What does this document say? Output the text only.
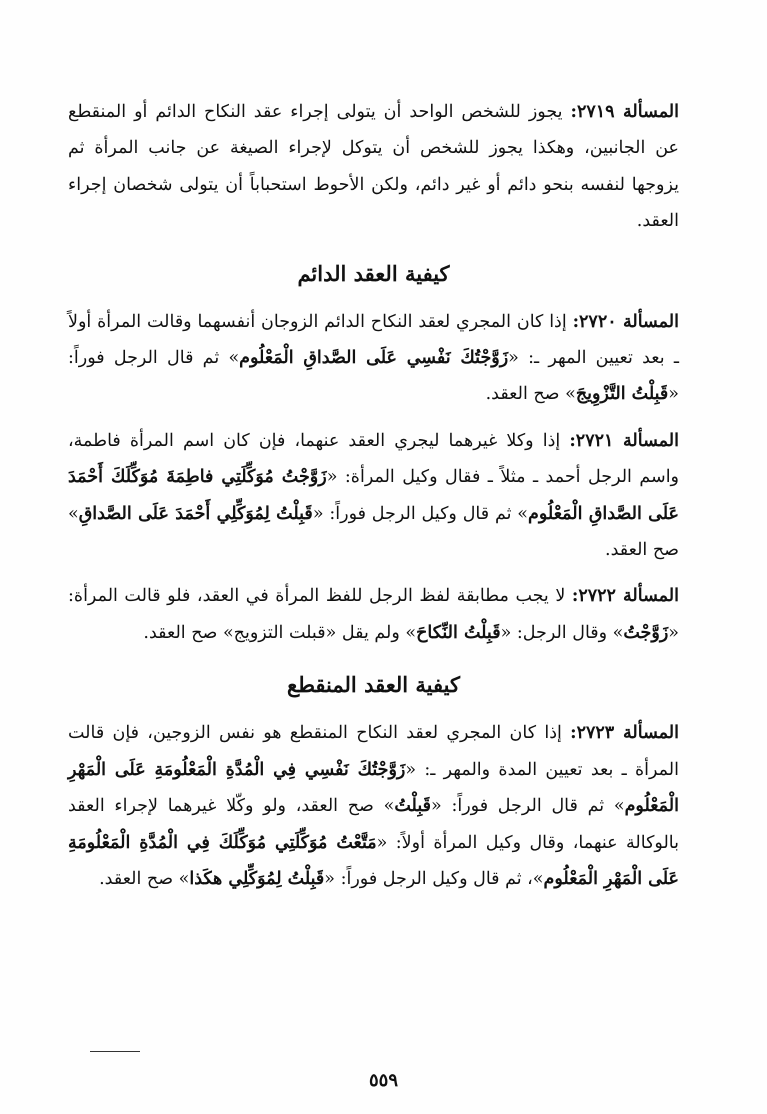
المسألة ٢٧١٩: يجوز للشخص الواحد أن يتولى إجراء عقد النكاح الدائم أو المنقطع عن الجانبين، وهكذا يجوز للشخص أن يتوكل لإجراء الصيغة عن جانب المرأة ثم يزوجها لنفسه بنحو دائم أو غير دائم، ولكن الأحوط استحباباً أن يتولى شخصان إجراء العقد.

كيفية العقد الدائم

المسألة ٢٧٢٠: إذا كان المجري لعقد النكاح الدائم الزوجان أنفسهما وقالت المرأة أولاً ـ بعد تعيين المهر ـ: «زَوَّجْتُكَ نَفْسِي عَلَى الصَّداقِ الْمَعْلُوم» ثم قال الرجل فوراً: «قَبِلْتُ التَّزْوِيجَ» صح العقد.

المسألة ٢٧٢١: إذا وكلا غيرهما ليجري العقد عنهما، فإن كان اسم المرأة فاطمة، واسم الرجل أحمد ـ مثلاً ـ فقال وكيل المرأة: «زَوَّجْتُ مُوَكِّلَتِي فاطِمَةَ مُوَكِّلَكَ أَحْمَدَ عَلَى الصَّداقِ الْمَعْلُوم» ثم قال وكيل الرجل فوراً: «قَبِلْتُ لِمُوَكِّلِي أَحْمَدَ عَلَى الصَّداقِ» صح العقد.

المسألة ٢٧٢٢: لا يجب مطابقة لفظ الرجل للفظ المرأة في العقد، فلو قالت المرأة: «زَوَّجْتُ» وقال الرجل: «قَبِلْتُ النِّكاحَ» ولم يقل «قبلت التزويج» صح العقد.

كيفية العقد المنقطع

المسألة ٢٧٢٣: إذا كان المجري لعقد النكاح المنقطع هو نفس الزوجين، فإن قالت المرأة ـ بعد تعيين المدة والمهر ـ: «زَوَّجْتُكَ نَفْسِي فِي الْمُدَّةِ الْمَعْلُومَةِ عَلَى الْمَهْرِ الْمَعْلُوم» ثم قال الرجل فوراً: «قَبِلْتُ» صح العقد، ولو وكّلا غيرهما لإجراء العقد بالوكالة عنهما، وقال وكيل المرأة أولاً: «مَتَّعْتُ مُوَكِّلَتِي مُوَكِّلَكَ فِي الْمُدَّةِ الْمَعْلُومَةِ عَلَى الْمَهْرِ الْمَعْلُوم»، ثم قال وكيل الرجل فوراً: «قَبِلْتُ لِمُوَكِّلِي هكَذا» صح العقد.

٥٥٩
